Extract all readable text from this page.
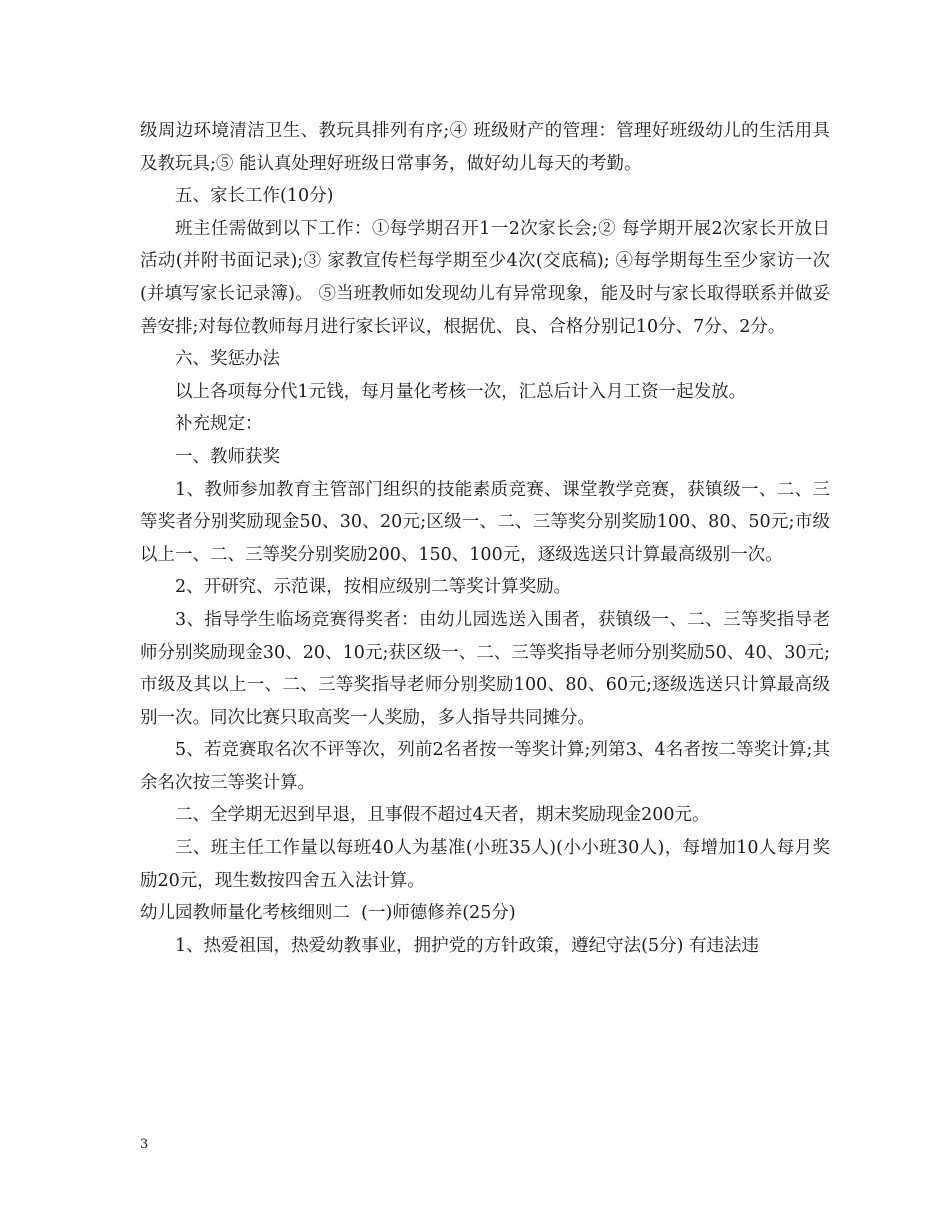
级周边环境清洁卫生、教玩具排列有序;④ 班级财产的管理：管理好班级幼儿的生活用具及教玩具;⑤ 能认真处理好班级日常事务，做好幼儿每天的考勤。

五、家长工作(10分)

班主任需做到以下工作：①每学期召开1一2次家长会;② 每学期开展2次家长开放日活动(并附书面记录);③ 家教宣传栏每学期至少4次(交底稿); ④每学期每生至少家访一次(并填写家长记录簿)。 ⑤当班教师如发现幼儿有异常现象，能及时与家长取得联系并做妥善安排;对每位教师每月进行家长评议，根据优、良、合格分别记10分、7分、2分。

六、奖惩办法

以上各项每分代1元钱，每月量化考核一次，汇总后计入月工资一起发放。

补充规定：

一、教师获奖

1、教师参加教育主管部门组织的技能素质竞赛、课堂教学竞赛，获镇级一、二、三等奖者分别奖励现金50、30、20元;区级一、二、三等奖分别奖励100、80、50元;市级以上一、二、三等奖分别奖励200、150、100元，逐级选送只计算最高级别一次。

2、开研究、示范课，按相应级别二等奖计算奖励。

3、指导学生临场竞赛得奖者：由幼儿园选送入围者，获镇级一、二、三等奖指导老师分别奖励现金30、20、10元;获区级一、二、三等奖指导老师分别奖励50、40、30元;市级及其以上一、二、三等奖指导老师分别奖励100、80、60元;逐级选送只计算最高级别一次。同次比赛只取高奖一人奖励，多人指导共同摊分。

5、若竞赛取名次不评等次，列前2名者按一等奖计算;列第3、4名者按二等奖计算;其余名次按三等奖计算。

二、全学期无迟到早退，且事假不超过4天者，期末奖励现金200元。

三、班主任工作量以每班40人为基准(小班35人)(小小班30人)，每增加10人每月奖励20元，现生数按四舍五入法计算。

幼儿园教师量化考核细则二  (一)师德修养(25分)

1、热爱祖国，热爱幼教事业，拥护党的方针政策，遵纪守法(5分) 有违法违

3
